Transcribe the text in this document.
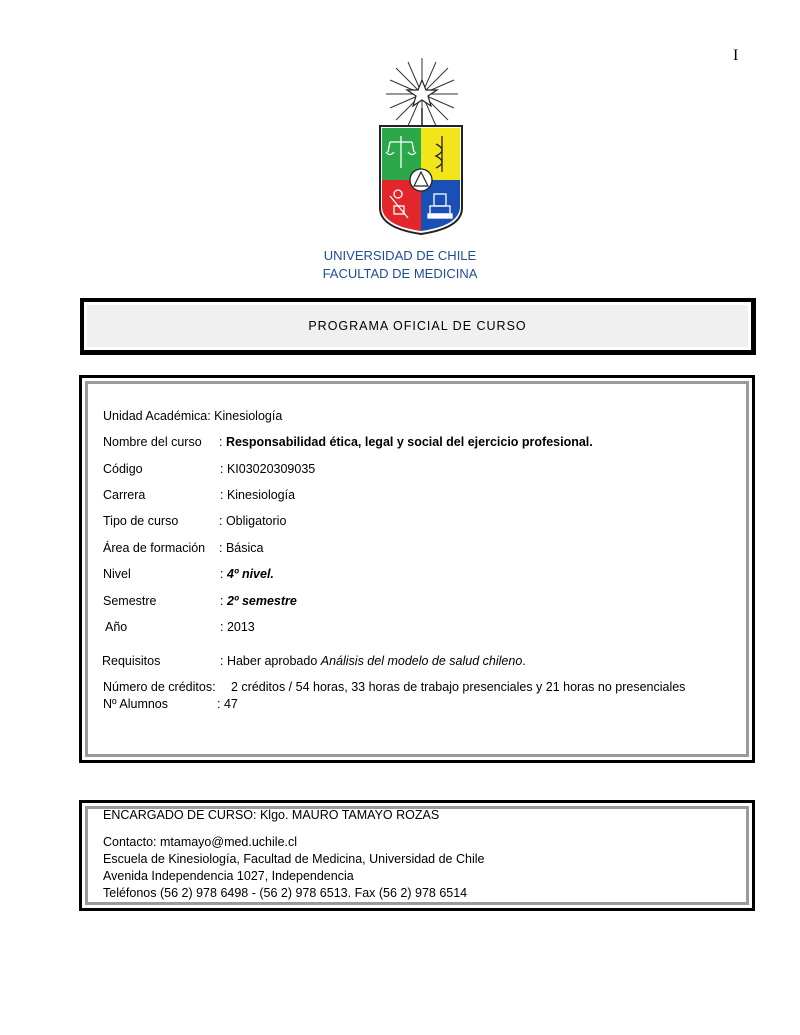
I
UNIVERSIDAD DE CHILE
FACULTAD DE MEDICINA
PROGRAMA OFICIAL DE CURSO
Unidad Académica: Kinesiología
Nombre del curso : Responsabilidad ética, legal y social del ejercicio profesional.
Código	: KI03020309035
Carrera	: Kinesiología
Tipo de curso	: Obligatorio
Área de formación : Básica
Nivel	: 4º nivel.
Semestre	: 2º semestre
Año	: 2013
Requisitos	: Haber aprobado Análisis del modelo de salud chileno.
Número de créditos: 2 créditos / 54 horas, 33 horas de trabajo presenciales y 21 horas no presenciales
Nº Alumnos	: 47
ENCARGADO DE CURSO: Klgo. MAURO TAMAYO ROZAS
Contacto: mtamayo@med.uchile.cl
Escuela de Kinesiología, Facultad de Medicina, Universidad de Chile
Avenida Independencia 1027, Independencia
Teléfonos (56 2) 978 6498 - (56 2) 978 6513. Fax (56 2) 978 6514
